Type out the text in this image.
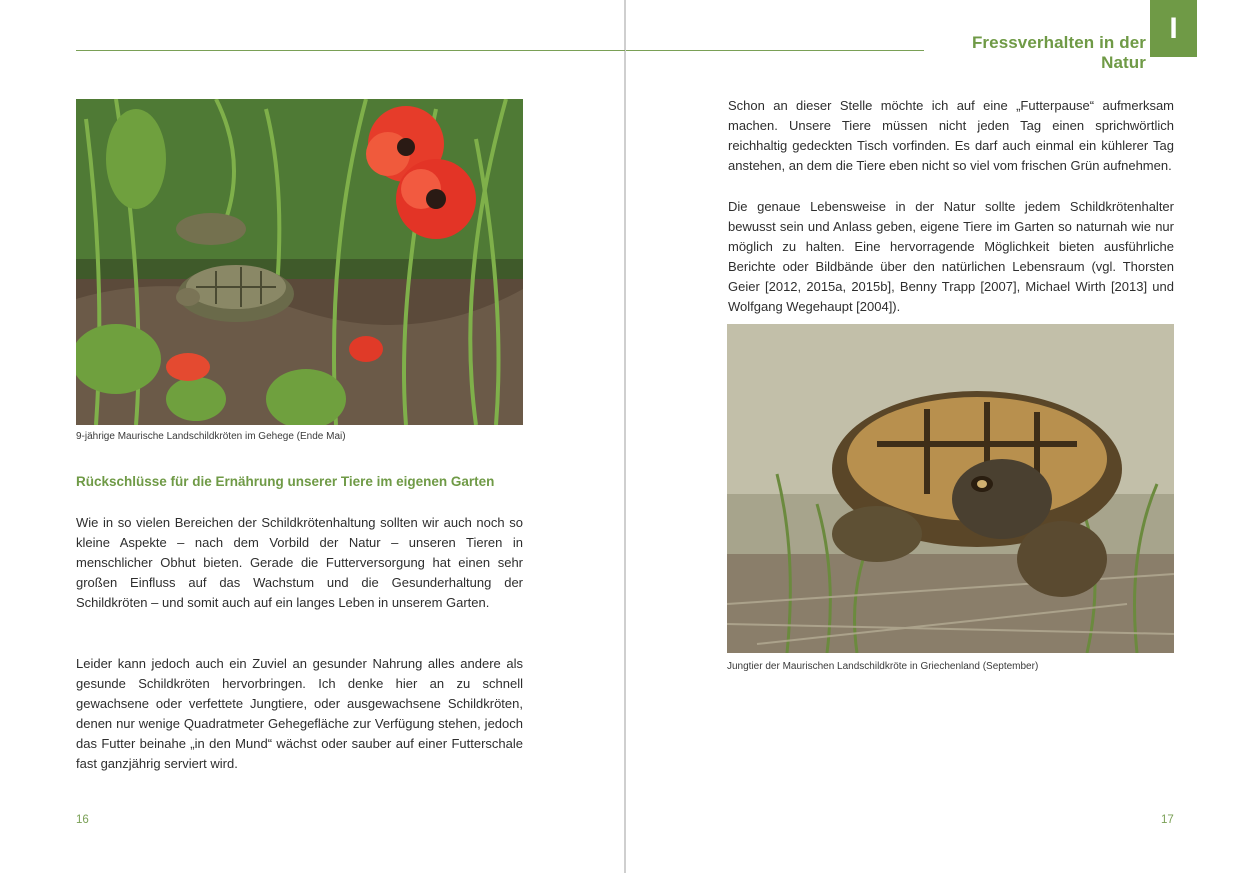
9-jährige Maurische Landschildkröten im Gehege (Ende Mai)
Rückschlüsse für die Ernährung unserer Tiere im eigenen Garten

Wie in so vielen Bereichen der Schildkrötenhaltung sollten wir auch noch so kleine Aspekte – nach dem Vorbild der Natur – unseren Tieren in menschlicher Obhut bieten. Gerade die Futterversorgung hat einen sehr großen Einfluss auf das Wachstum und die Gesunderhaltung der Schildkröten – und somit auch auf ein langes Leben in unserem Garten.

Leider kann jedoch auch ein Zuviel an gesunder Nahrung alles andere als gesunde Schildkröten hervorbringen. Ich denke hier an zu schnell gewachsene oder verfettete Jungtiere, oder ausgewachsene Schildkröten, denen nur wenige Quadratmeter Gehegefläche zur Verfügung stehen, jedoch das Futter beinahe „in den Mund“ wächst oder sauber auf einer Futterschale fast ganzjährig serviert wird.

16
Fressverhalten in der Natur
I

Schon an dieser Stelle möchte ich auf eine „Futterpause“ aufmerksam machen. Unsere Tiere müssen nicht jeden Tag einen sprichwörtlich reichhaltig gedeckten Tisch vorfinden. Es darf auch einmal ein kühlerer Tag anstehen, an dem die Tiere eben nicht so viel vom frischen Grün aufnehmen.

Die genaue Lebensweise in der Natur sollte jedem Schildkrötenhalter bewusst sein und Anlass geben, eigene Tiere im Garten so naturnah wie nur möglich zu halten. Eine hervorragende Möglichkeit bieten ausführliche Berichte oder Bildbände über den natürlichen Lebensraum (vgl. Thorsten Geier [2012, 2015a, 2015b], Benny Trapp [2007], Michael Wirth [2013] und Wolfgang Wegehaupt [2004]).

Jungtier der Maurischen Landschildkröte in Griechenland (September)
17
